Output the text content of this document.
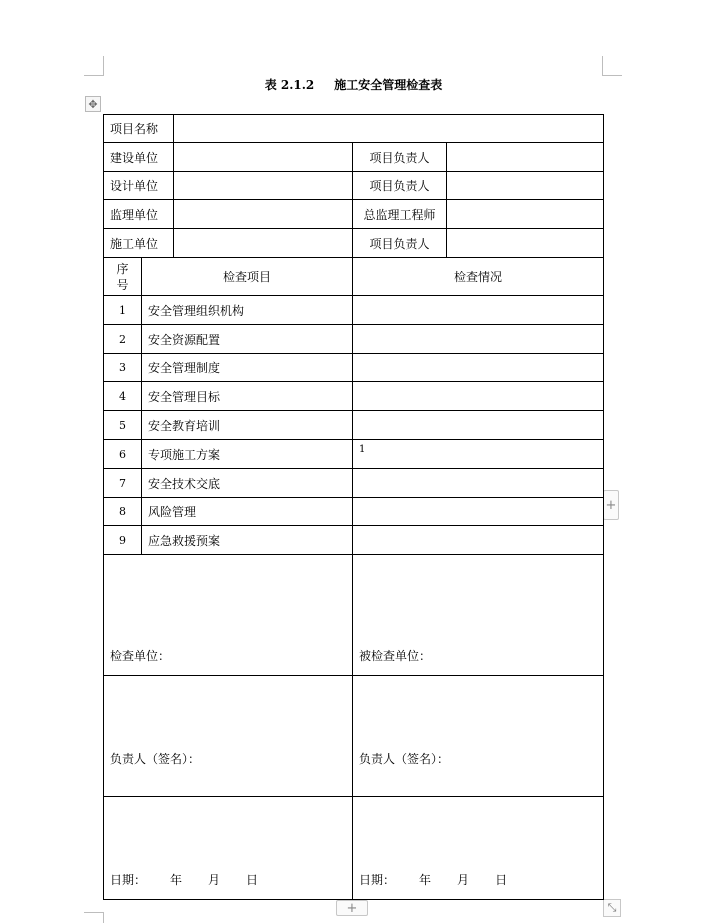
表 2.1.2 施工安全管理检查表
✥
+
+	⤡
项目名称				
建设单位			项目负责人	
设计单位			项目负责人	
监理单位			总监理工程师	
施工单位			项目负责人	
序号	检查项目		检查情况	
1	安全管理组织机构			
2	安全资源配置			
3	安全管理制度			
4	安全管理目标			
5	安全教育培训			
6	专项施工方案		1	
7	安全技术交底			
8	风险管理			
9	应急救援预案			
检查单位：			被检查单位：	
负责人（签名）：			负责人（签名）：	
日期： 年 月 日			日期： 年 月 日	
